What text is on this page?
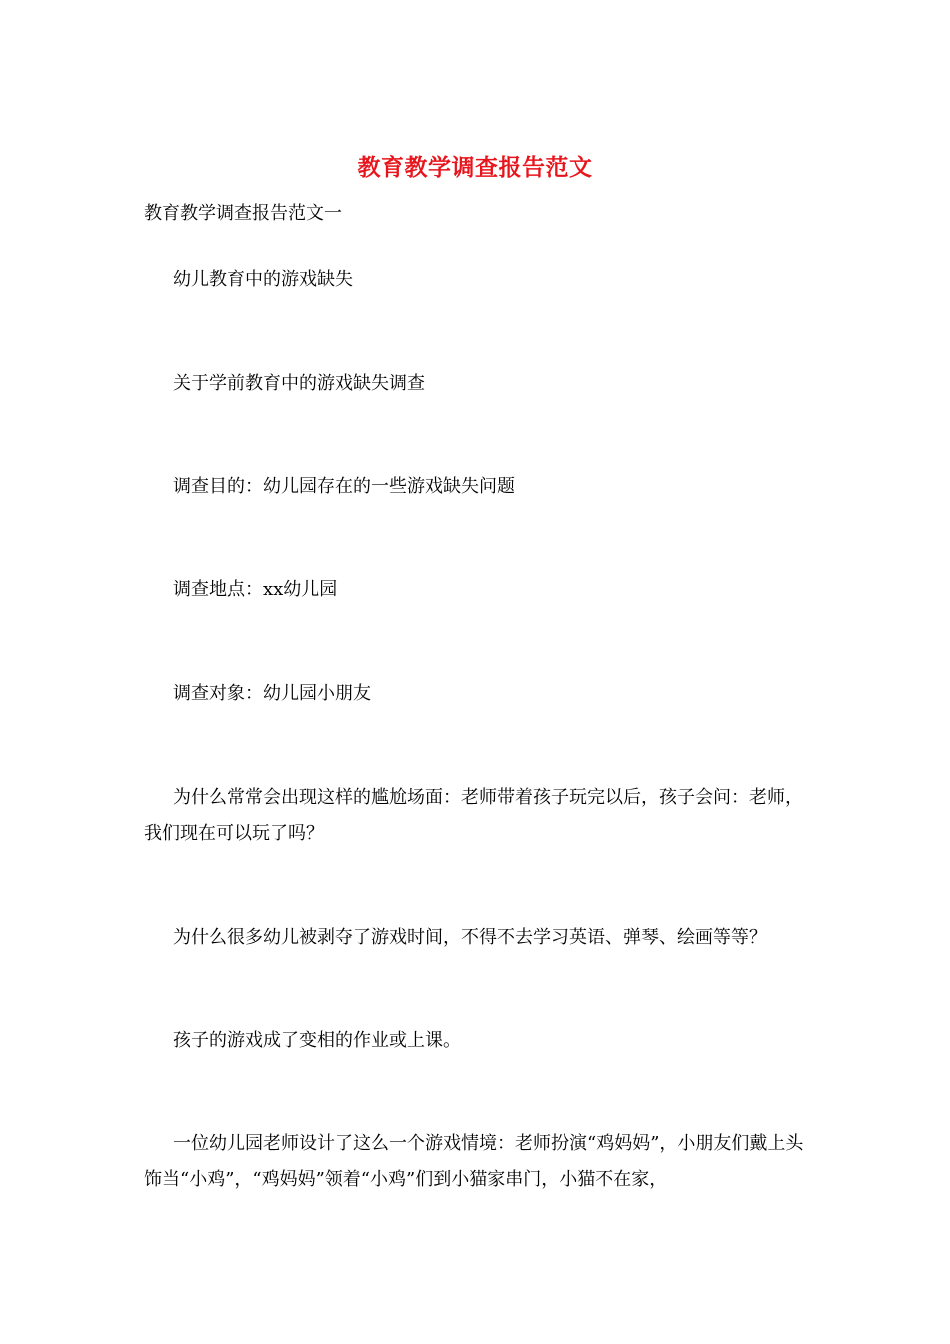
教育教学调查报告范文

教育教学调查报告范文一

幼儿教育中的游戏缺失

关于学前教育中的游戏缺失调查

调查目的：幼儿园存在的一些游戏缺失问题

调查地点：xx幼儿园

调查对象：幼儿园小朋友

为什么常常会出现这样的尴尬场面：老师带着孩子玩完以后，孩子会问：老师，我们现在可以玩了吗？

为什么很多幼儿被剥夺了游戏时间，不得不去学习英语、弹琴、绘画等等？

孩子的游戏成了变相的作业或上课。

一位幼儿园老师设计了这么一个游戏情境：老师扮演“鸡妈妈”，小朋友们戴上头饰当“小鸡”，“鸡妈妈”领着“小鸡”们到小猫家串门，小猫不在家，
